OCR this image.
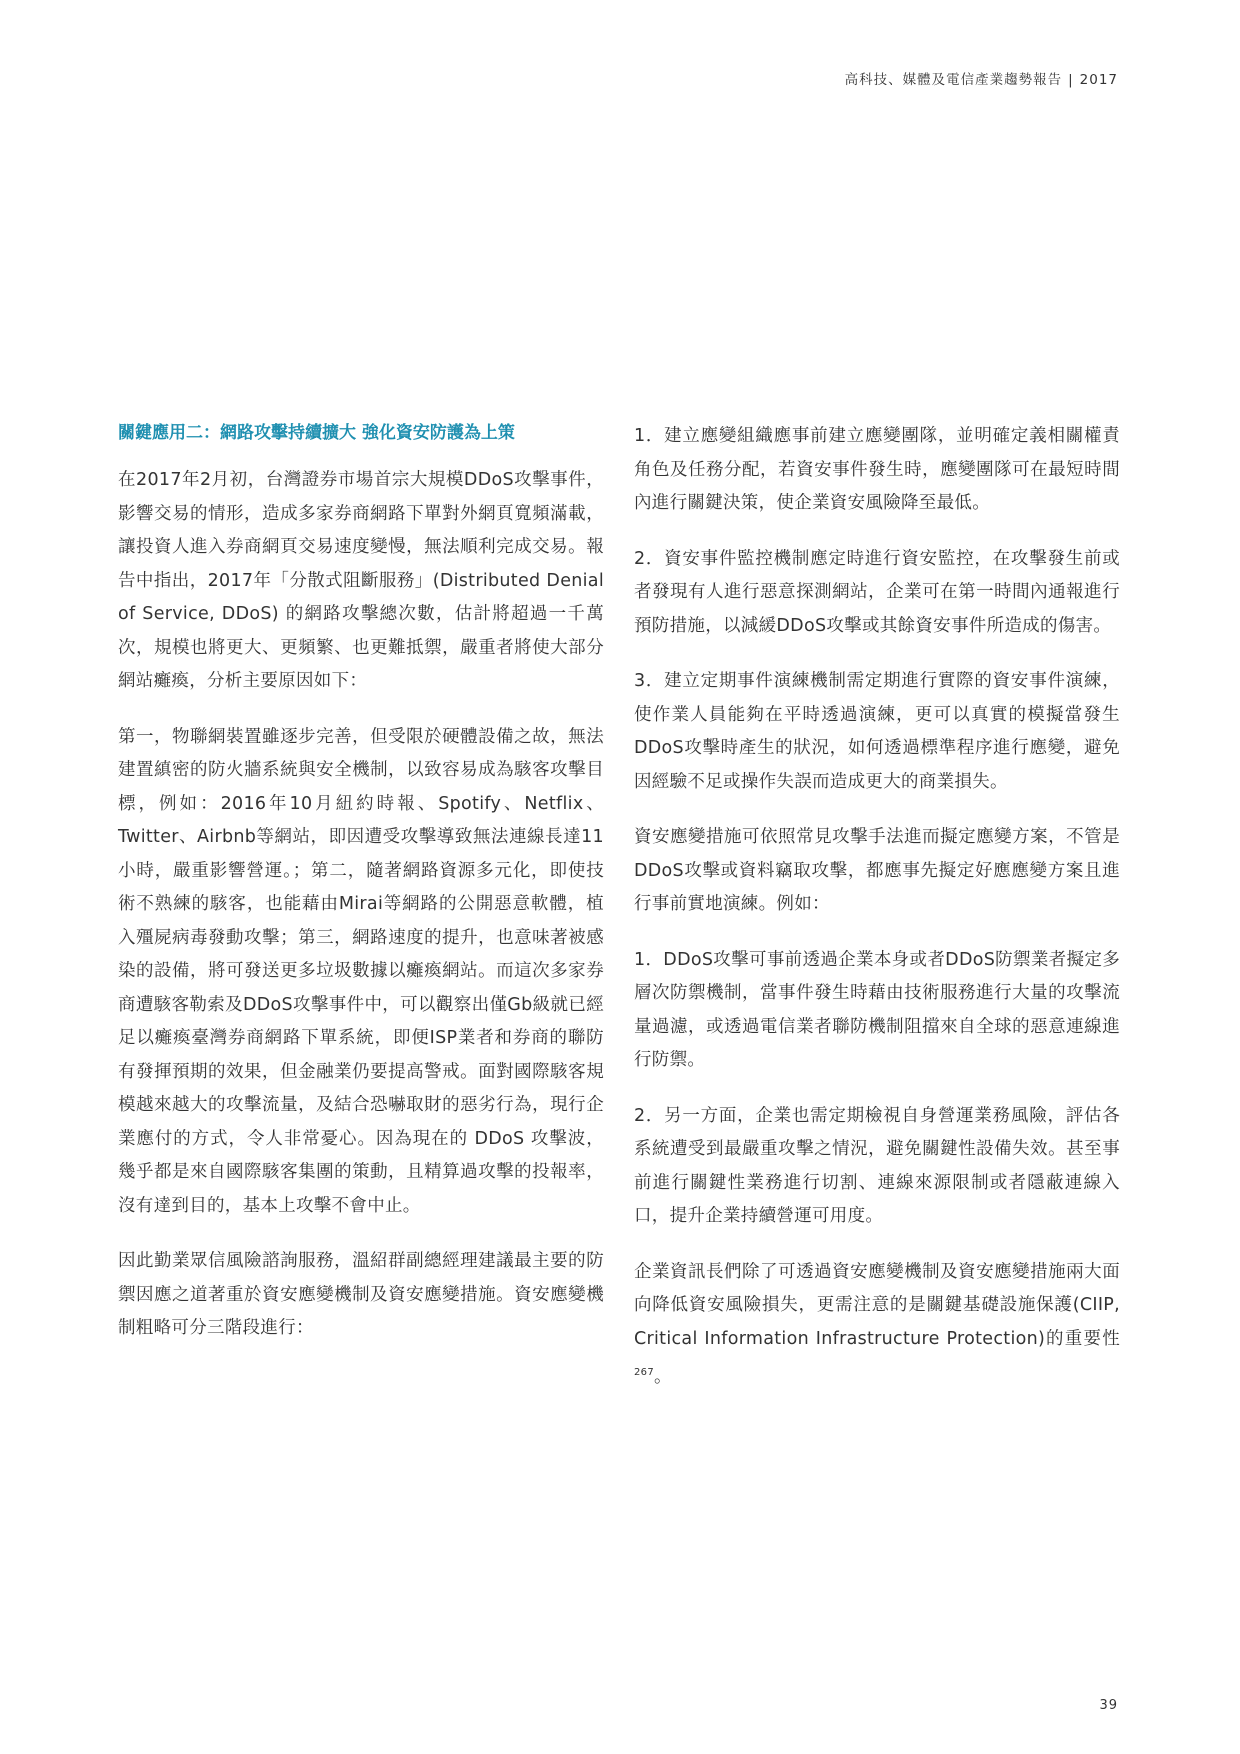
高科技、媒體及電信產業趨勢報告 | 2017
關鍵應用二：網路攻擊持續擴大 強化資安防護為上策

在2017年2月初，台灣證券市場首宗大規模DDoS攻擊事件，影響交易的情形，造成多家券商網路下單對外網頁寬頻滿載，讓投資人進入券商網頁交易速度變慢，無法順利完成交易。報告中指出，2017年「分散式阻斷服務」(Distributed Denial of Service, DDoS) 的網路攻擊總次數，估計將超過一千萬次，規模也將更大、更頻繁、也更難抵禦，嚴重者將使大部分網站癱瘓，分析主要原因如下：

第一，物聯網裝置雖逐步完善，但受限於硬體設備之故，無法建置縝密的防火牆系統與安全機制，以致容易成為駭客攻擊目標，例如：2016年10月紐約時報、Spotify、Netflix、Twitter、Airbnb等網站，即因遭受攻擊導致無法連線長達11小時，嚴重影響營運。；第二，隨著網路資源多元化，即使技術不熟練的駭客，也能藉由Mirai等網路的公開惡意軟體，植入殭屍病毒發動攻擊；第三，網路速度的提升，也意味著被感染的設備，將可發送更多垃圾數據以癱瘓網站。而這次多家券商遭駭客勒索及DDoS攻擊事件中，可以觀察出僅Gb級就已經足以癱瘓臺灣券商網路下單系統，即便ISP業者和券商的聯防有發揮預期的效果，但金融業仍要提高警戒。面對國際駭客規模越來越大的攻擊流量，及結合恐嚇取財的惡劣行為，現行企業應付的方式，令人非常憂心。因為現在的 DDoS 攻擊波，幾乎都是來自國際駭客集團的策動，且精算過攻擊的投報率，沒有達到目的，基本上攻擊不會中止。

因此勤業眾信風險諮詢服務，溫紹群副總經理建議最主要的防禦因應之道著重於資安應變機制及資安應變措施。資安應變機制粗略可分三階段進行：

1．建立應變組織應事前建立應變團隊，並明確定義相關權責角色及任務分配，若資安事件發生時，應變團隊可在最短時間內進行關鍵決策，使企業資安風險降至最低。

2．資安事件監控機制應定時進行資安監控，在攻擊發生前或者發現有人進行惡意探測網站，企業可在第一時間內通報進行預防措施，以減緩DDoS攻擊或其餘資安事件所造成的傷害。

3．建立定期事件演練機制需定期進行實際的資安事件演練，使作業人員能夠在平時透過演練，更可以真實的模擬當發生DDoS攻擊時產生的狀況，如何透過標準程序進行應變，避免因經驗不足或操作失誤而造成更大的商業損失。

資安應變措施可依照常見攻擊手法進而擬定應變方案，不管是DDoS攻擊或資料竊取攻擊，都應事先擬定好應應變方案且進行事前實地演練。例如：

1．DDoS攻擊可事前透過企業本身或者DDoS防禦業者擬定多層次防禦機制，當事件發生時藉由技術服務進行大量的攻擊流量過濾，或透過電信業者聯防機制阻擋來自全球的惡意連線進行防禦。

2．另一方面，企業也需定期檢視自身營運業務風險，評估各系統遭受到最嚴重攻擊之情況，避免關鍵性設備失效。甚至事前進行關鍵性業務進行切割、連線來源限制或者隱蔽連線入口，提升企業持續營運可用度。

企業資訊長們除了可透過資安應變機制及資安應變措施兩大面向降低資安風險損失，更需注意的是關鍵基礎設施保護(CIIP, Critical Information Infrastructure Protection)的重要性$^{267}$。

39
